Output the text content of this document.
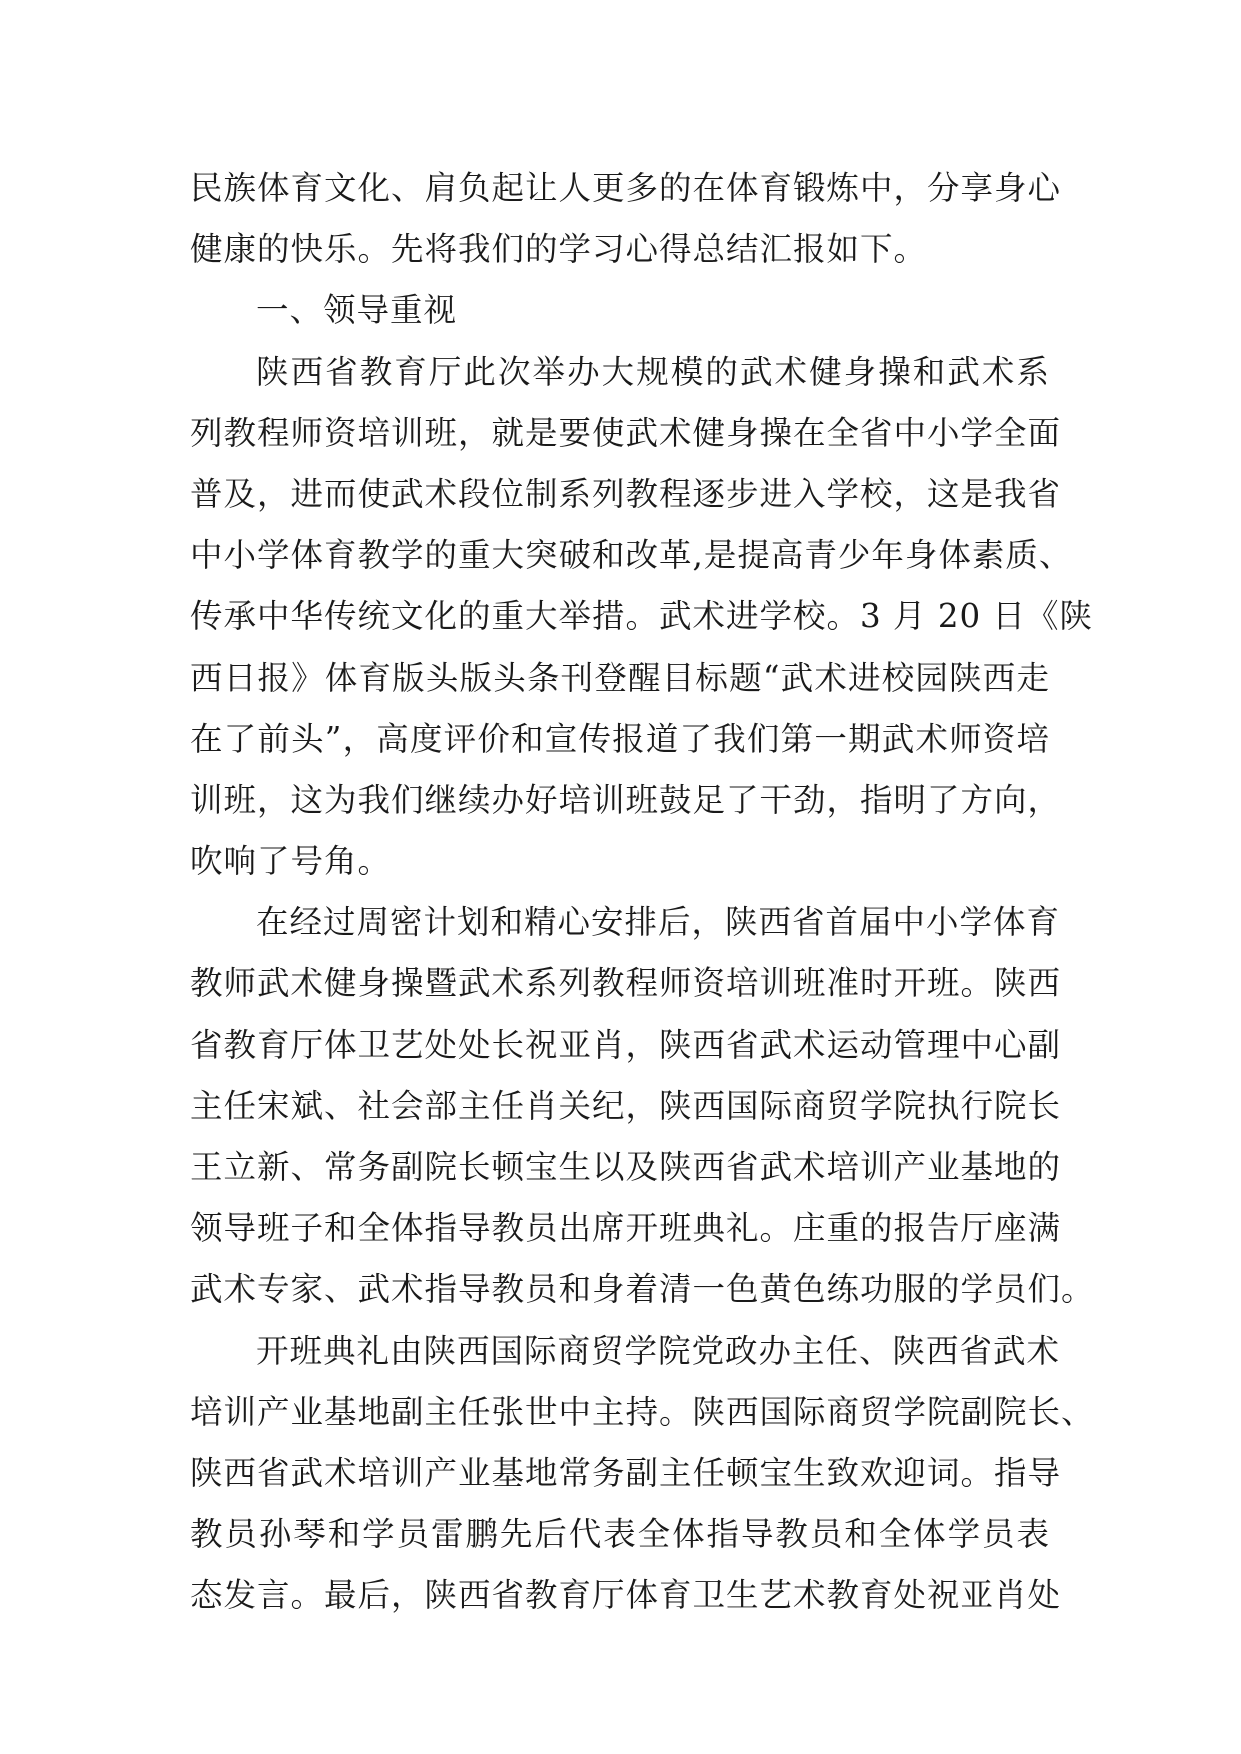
民族体育文化、肩负起让人更多的在体育锻炼中，分享身心
健康的快乐。先将我们的学习心得总结汇报如下。
一、领导重视
陕西省教育厅此次举办大规模的武术健身操和武术系
列教程师资培训班，就是要使武术健身操在全省中小学全面
普及，进而使武术段位制系列教程逐步进入学校，这是我省
中小学体育教学的重大突破和改革,是提高青少年身体素质、
传承中华传统文化的重大举措。武术进学校。3 月 20 日《陕
西日报》体育版头版头条刊登醒目标题“武术进校园陕西走
在了前头”，高度评价和宣传报道了我们第一期武术师资培
训班，这为我们继续办好培训班鼓足了干劲，指明了方向，
吹响了号角。
在经过周密计划和精心安排后，陕西省首届中小学体育
教师武术健身操暨武术系列教程师资培训班准时开班。陕西
省教育厅体卫艺处处长祝亚肖，陕西省武术运动管理中心副
主任宋斌、社会部主任肖关纪，陕西国际商贸学院执行院长
王立新、常务副院长顿宝生以及陕西省武术培训产业基地的
领导班子和全体指导教员出席开班典礼。庄重的报告厅座满
武术专家、武术指导教员和身着清一色黄色练功服的学员们。
开班典礼由陕西国际商贸学院党政办主任、陕西省武术
培训产业基地副主任张世中主持。陕西国际商贸学院副院长、
陕西省武术培训产业基地常务副主任顿宝生致欢迎词。指导
教员孙琴和学员雷鹏先后代表全体指导教员和全体学员表
态发言。最后，陕西省教育厅体育卫生艺术教育处祝亚肖处
